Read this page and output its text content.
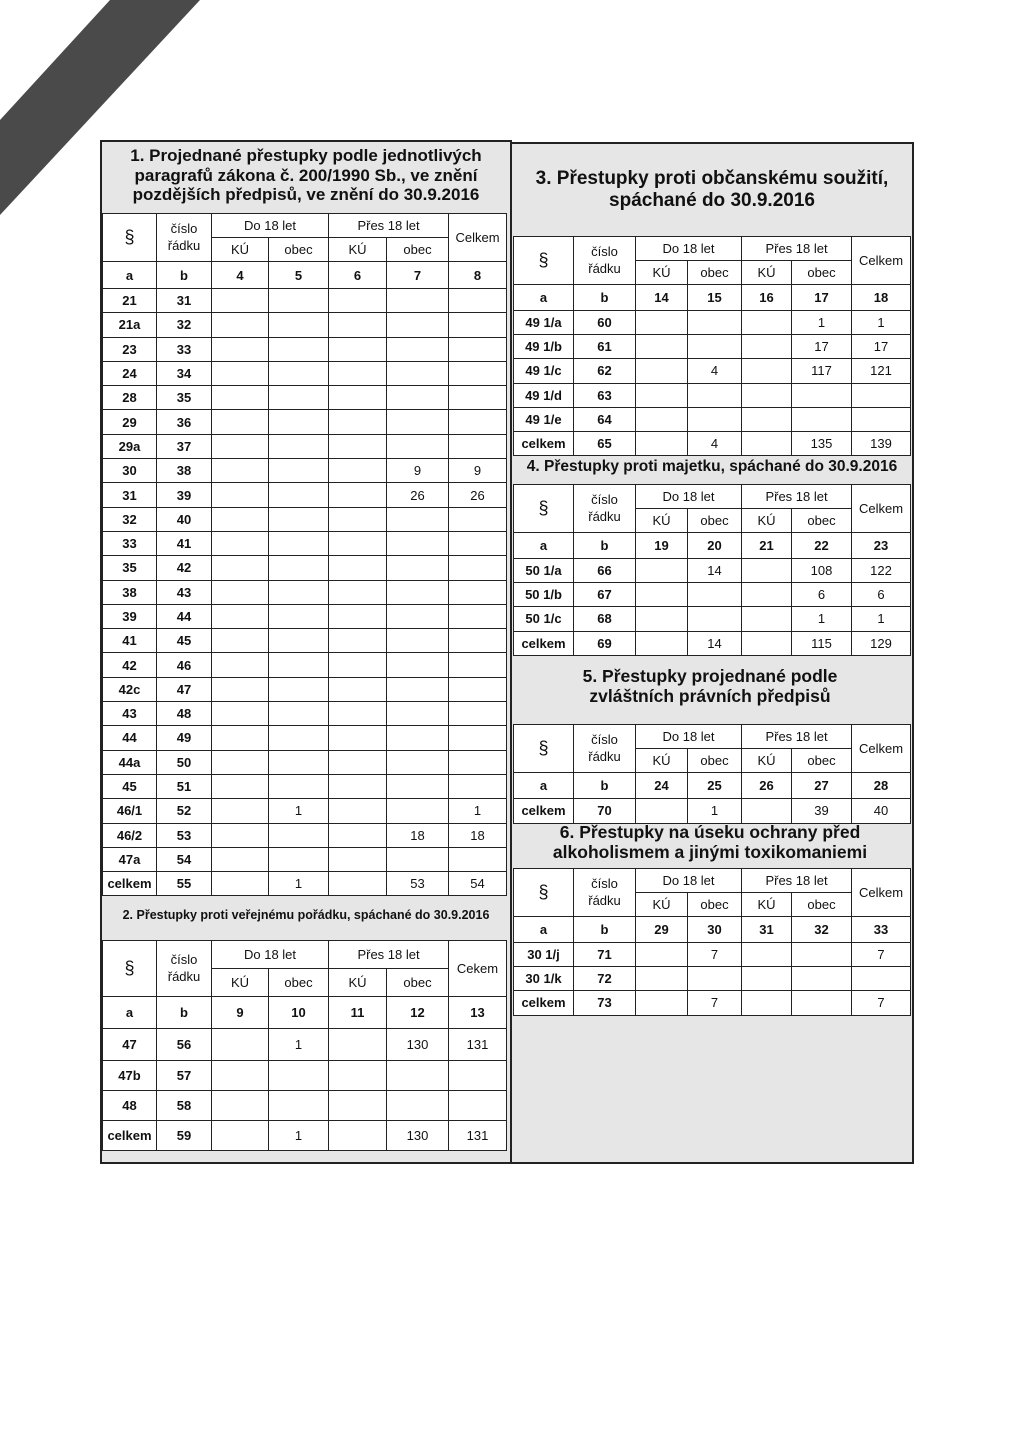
1. Projednané přestupky podle jednotlivých paragrafů zákona č. 200/1990 Sb., ve znění pozdějších předpisů, ve znění do 30.9.2016
§	číslo řádku	Do 18 let		Přes 18 let		Celkem
		KÚ	obec	KÚ	obec	
a	b	4	5	6	7	8
21	31					
21a	32					
23	33					
24	34					
28	35					
29	36					
29a	37					
30	38				9	9
31	39				26	26
32	40					
33	41					
35	42					
38	43					
39	44					
41	45					
42	46					
42c	47					
43	48					
44	49					
44a	50					
45	51					
46/1	52		1			1
46/2	53				18	18
47a	54					
celkem	55		1		53	54
2. Přestupky proti veřejnému pořádku, spáchané do 30.9.2016
§	číslo řádku	Do 18 let		Přes 18 let		Cekem
		KÚ	obec	KÚ	obec	
a	b	9	10	11	12	13
47	56		1		130	131
47b	57					
48	58					
celkem	59		1		130	131
3. Přestupky proti občanskému soužití, spáchané do 30.9.2016
§	číslo řádku	Do 18 let		Přes 18 let		Celkem
		KÚ	obec	KÚ	obec	
a	b	14	15	16	17	18
49 1/a	60				1	1
49 1/b	61				17	17
49 1/c	62		4		117	121
49 1/d	63					
49 1/e	64					
celkem	65		4		135	139
4. Přestupky proti majetku, spáchané do 30.9.2016
§	číslo řádku	Do 18 let		Přes 18 let		Celkem
		KÚ	obec	KÚ	obec	
a	b	19	20	21	22	23
50 1/a	66		14		108	122
50 1/b	67				6	6
50 1/c	68				1	1
celkem	69		14		115	129
5. Přestupky projednané podle zvláštních právních předpisů
§	číslo řádku	Do 18 let		Přes 18 let		Celkem
		KÚ	obec	KÚ	obec	
a	b	24	25	26	27	28
celkem	70		1		39	40
6. Přestupky na úseku ochrany před alkoholismem a jinými toxikomaniemi
§	číslo řádku	Do 18 let		Přes 18 let		Celkem
		KÚ	obec	KÚ	obec	
a	b	29	30	31	32	33
30 1/j	71		7			7
30 1/k	72					
celkem	73		7			7
